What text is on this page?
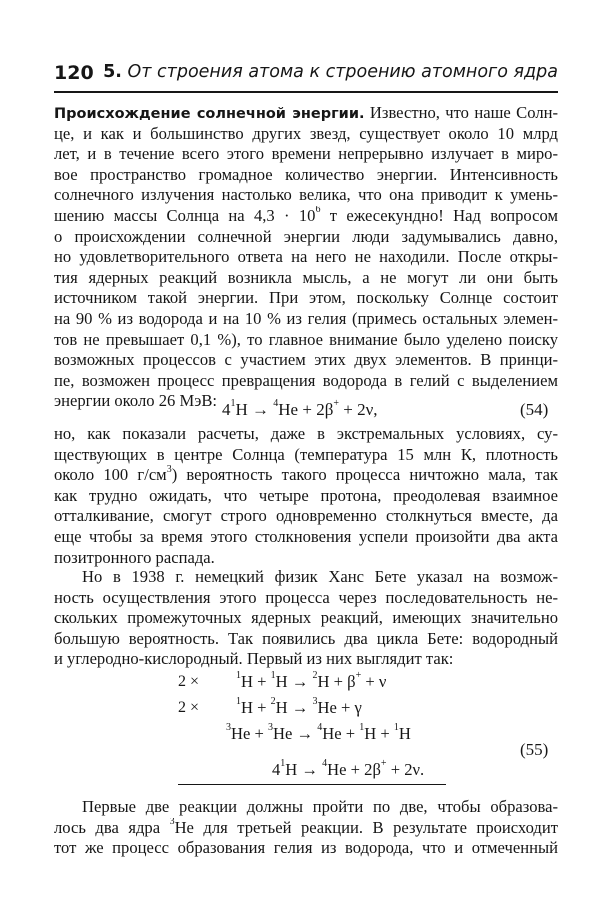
120 5. От строения атома к строению атомного ядра
Происхождение солнечной энергии. Известно, что наше Солн-
це, и как и большинство других звезд, существует около 10 млрд
лет, и в течение всего этого времени непрерывно излучает в миро-
вое пространство громадное количество энергии. Интенсивность
солнечного излучения настолько велика, что она приводит к умень-
шению массы Солнца на $4,3 \cdot 10^6$ т ежесекундно! Над вопросом
о происхождении солнечной энергии люди задумывались давно,
но удовлетворительного ответа на него не находили. После откры-
тия ядерных реакций возникла мысль, а не могут ли они быть
источником такой энергии. При этом, поскольку Солнце состоит
на 90 % из водорода и на 10 % из гелия (примесь остальных элемен-
тов не превышает 0,1 %), то главное внимание было уделено поиску
возможных процессов с участием этих двух элементов. В принци-
пе, возможен процесс превращения водорода в гелий с выделением
энергии около 26 МэВ: $4^1H \to ^4He + 2\beta^+ + 2\nu$,	(54)
но, как показали расчеты, даже в экстремальных условиях, су-
ществующих в центре Солнца (температура 15 млн К, плотность
около 100 $г/см^3$) вероятность такого процесса ничтожно мала, так
как трудно ожидать, что четыре протона, преодолевая взаимное
отталкивание, смогут строго одновременно столкнуться вместе, да
еще чтобы за время этого столкновения успели произойти два акта
позитронного распада.
Но в 1938 г. немецкий физик Ханс Бете указал на возмож-
ность осуществления этого процесса через последовательность не-
скольких промежуточных ядерных реакций, имеющих значительно
большую вероятность. Так появились два цикла Бете: водородный
и углеродно-кислородный. Первый из них выглядит так:
2 ×	$^1$H + $^1$H → $^2$H + β+ + ν
2 ×	$^1$H + $^2$H → $^3$He + γ
$^3$He + $^3$He → $^4$He + $^1$H + $^1$H
$4^1H \to ^4He + 2\beta^+ + 2\nu$.
(55)
Первые две реакции должны пройти по две, чтобы образова-
лось два ядра $^3$He для третьей реакции. В результате происходит
тот же процесс образования гелия из водорода, что и отмеченный
